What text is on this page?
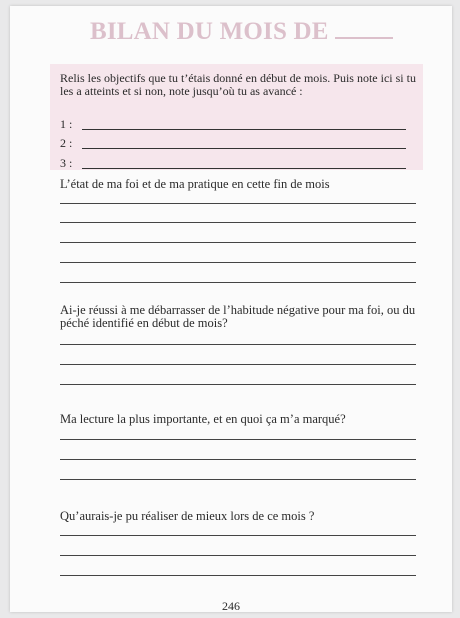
BILAN DU MOIS DE
Relis les objectifs que tu t’étais donné en début de mois. Puis note ici si tu les a atteints et si non, note jusqu’où tu as avancé :
1 :
2 :
3 :
L’état de ma foi et de ma pratique en cette fin de mois
Ai-je réussi à me débarrasser de l’habitude négative pour ma foi, ou du péché identifié en début de mois?
Ma lecture la plus importante, et en quoi ça m’a marqué?
Qu’aurais-je pu réaliser de mieux lors de ce mois ?
246
